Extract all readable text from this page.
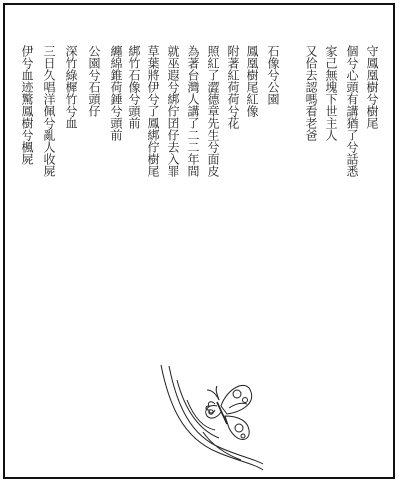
伊兮血迹驚鳳樹兮楓屍 三日久唱洋佩兮亂人收屍 深竹綠樨竹兮血 公園兮石頭仔 纏綿錐荷錘兮頭前 綁竹石像兮頭前 草葉將伊兮了鳳綁佇樹尾 就巫遐兮綁佇囝仔去入罪 為著台灣人講了二二年間 照紅了澀德章先生兮面皮 附著紅荷荷兮花 鳳凰樹尾紅像 石像兮公園 又佮去認嗎看老爸 家己無塊下世主人 個兮心頭有講猶了兮話悉 守鳳凰樹兮樹尾
